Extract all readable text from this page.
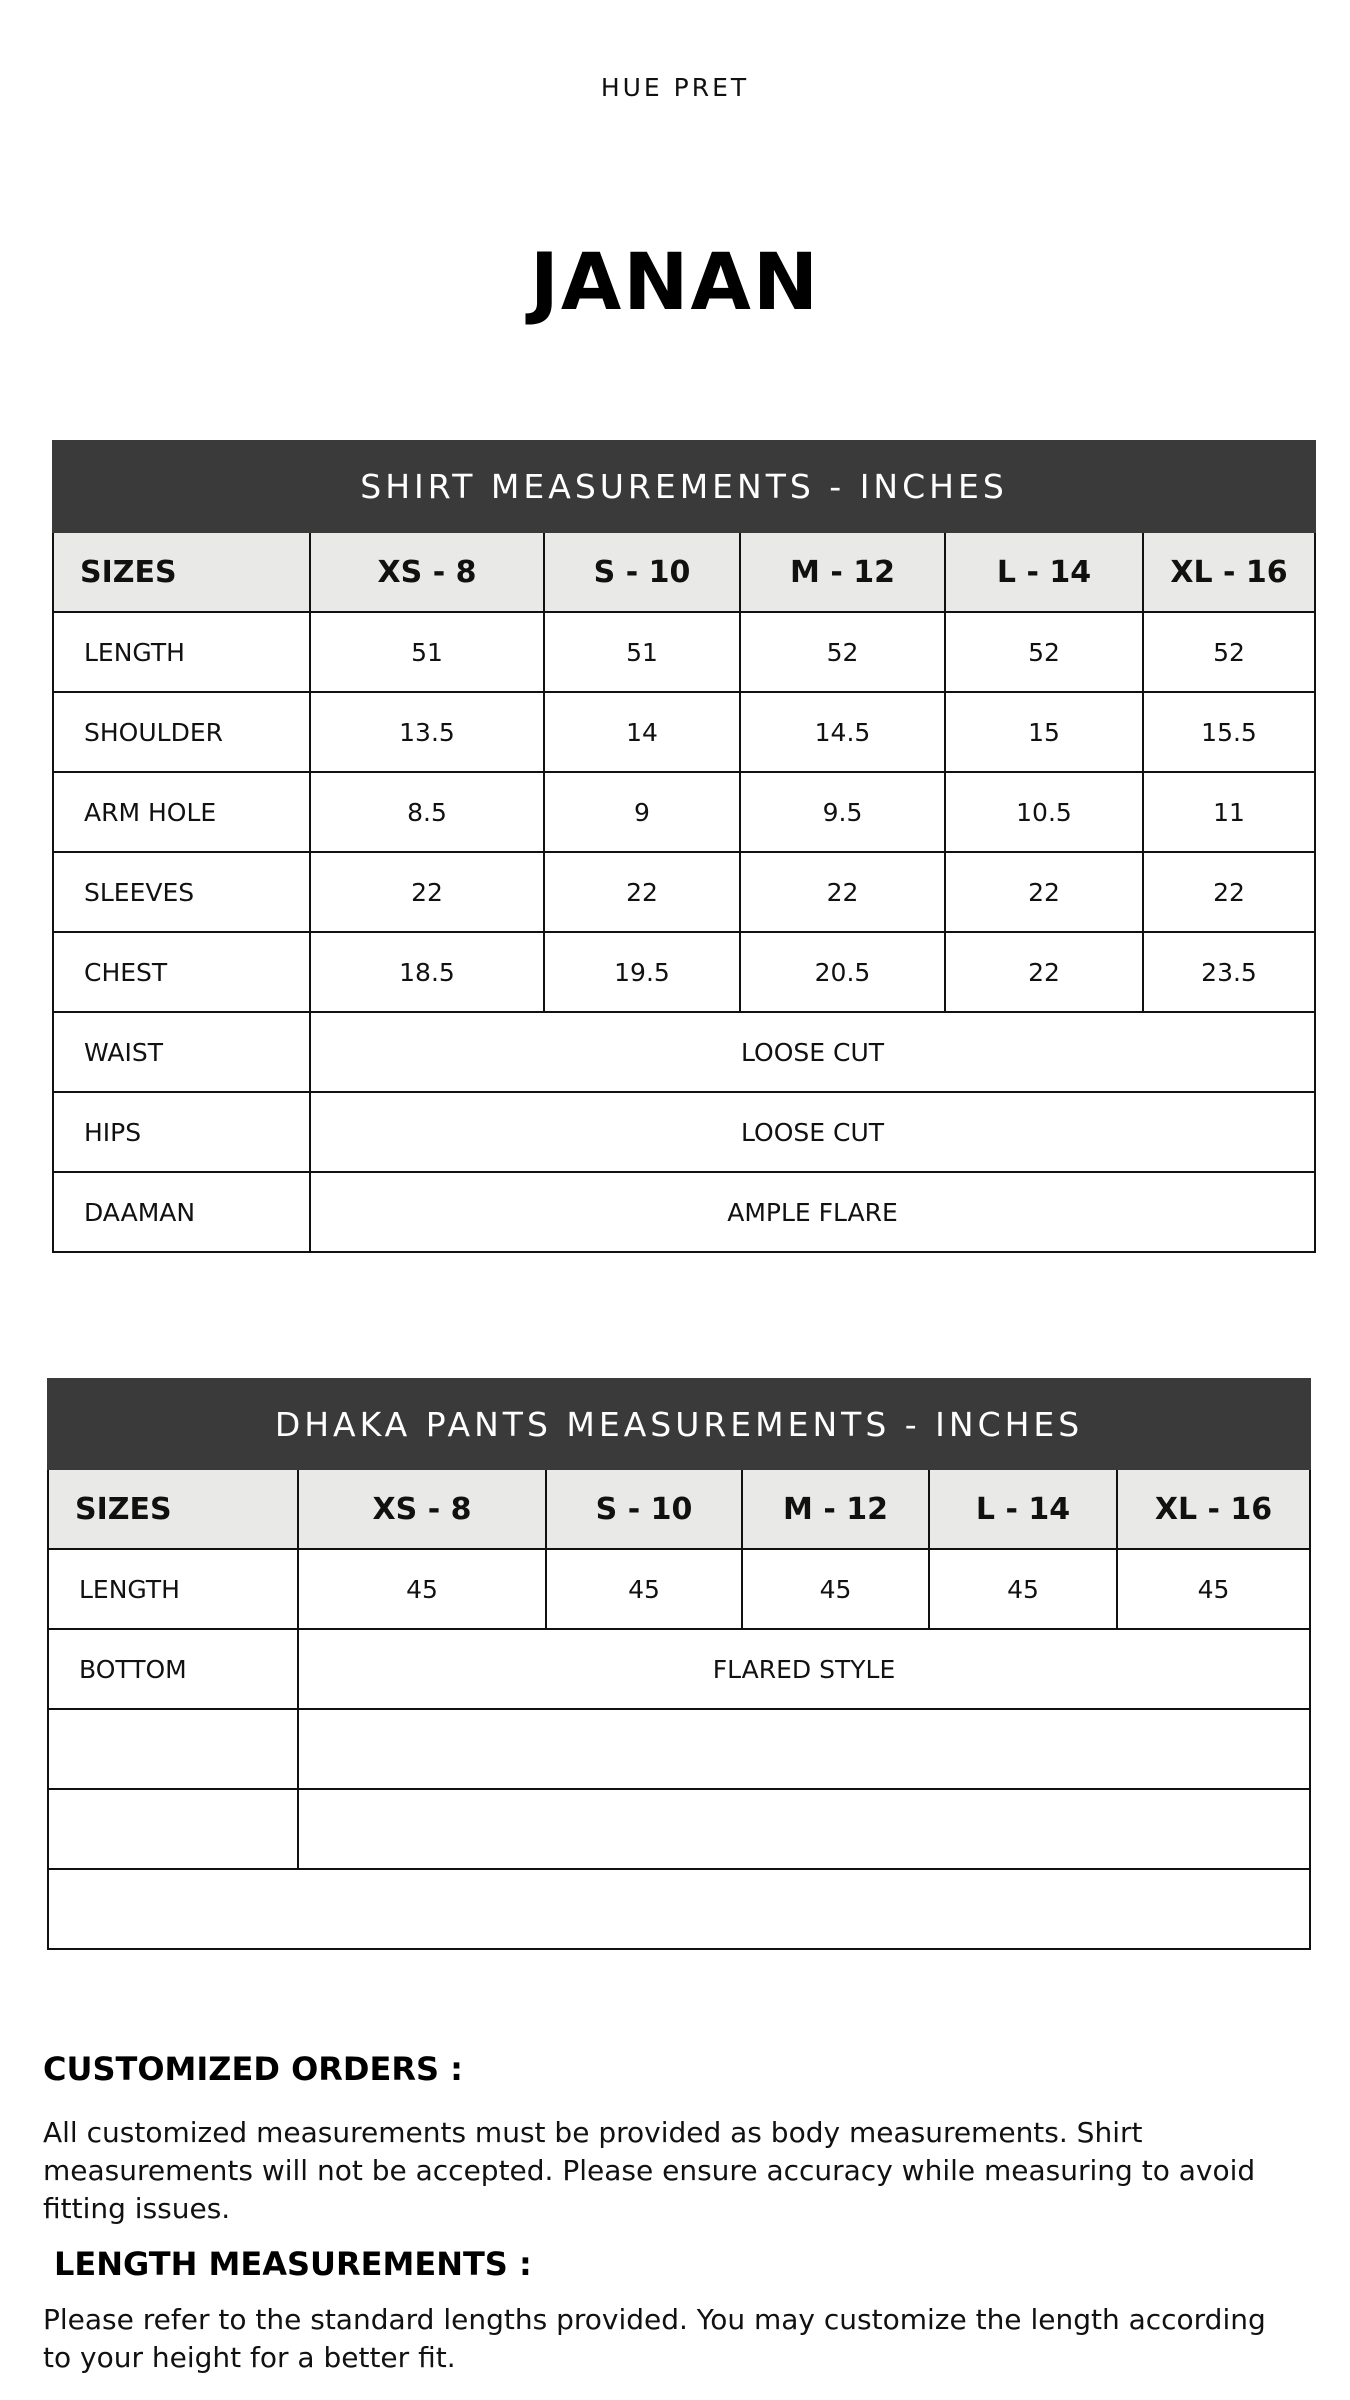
HUE PRET
JANAN
SHIRT MEASUREMENTS - INCHES					
SIZES	XS - 8	S - 10	M - 12	L - 14	XL - 16
LENGTH	51	51	52	52	52
SHOULDER	13.5	14	14.5	15	15.5
ARM HOLE	8.5	9	9.5	10.5	11
SLEEVES	22	22	22	22	22
CHEST	18.5	19.5	20.5	22	23.5
WAIST	LOOSE CUT				
HIPS	LOOSE CUT				
DAAMAN	AMPLE FLARE				
DHAKA PANTS MEASUREMENTS - INCHES					
SIZES	XS - 8	S - 10	M - 12	L - 14	XL - 16
LENGTH	45	45	45	45	45
BOTTOM	FLARED STYLE				

CUSTOMIZED ORDERS :
All customized measurements must be provided as body measurements. Shirt measurements will not be accepted. Please ensure accuracy while measuring to avoid fitting issues.
LENGTH MEASUREMENTS :
Please refer to the standard lengths provided. You may customize the length according to your height for a better fit.
